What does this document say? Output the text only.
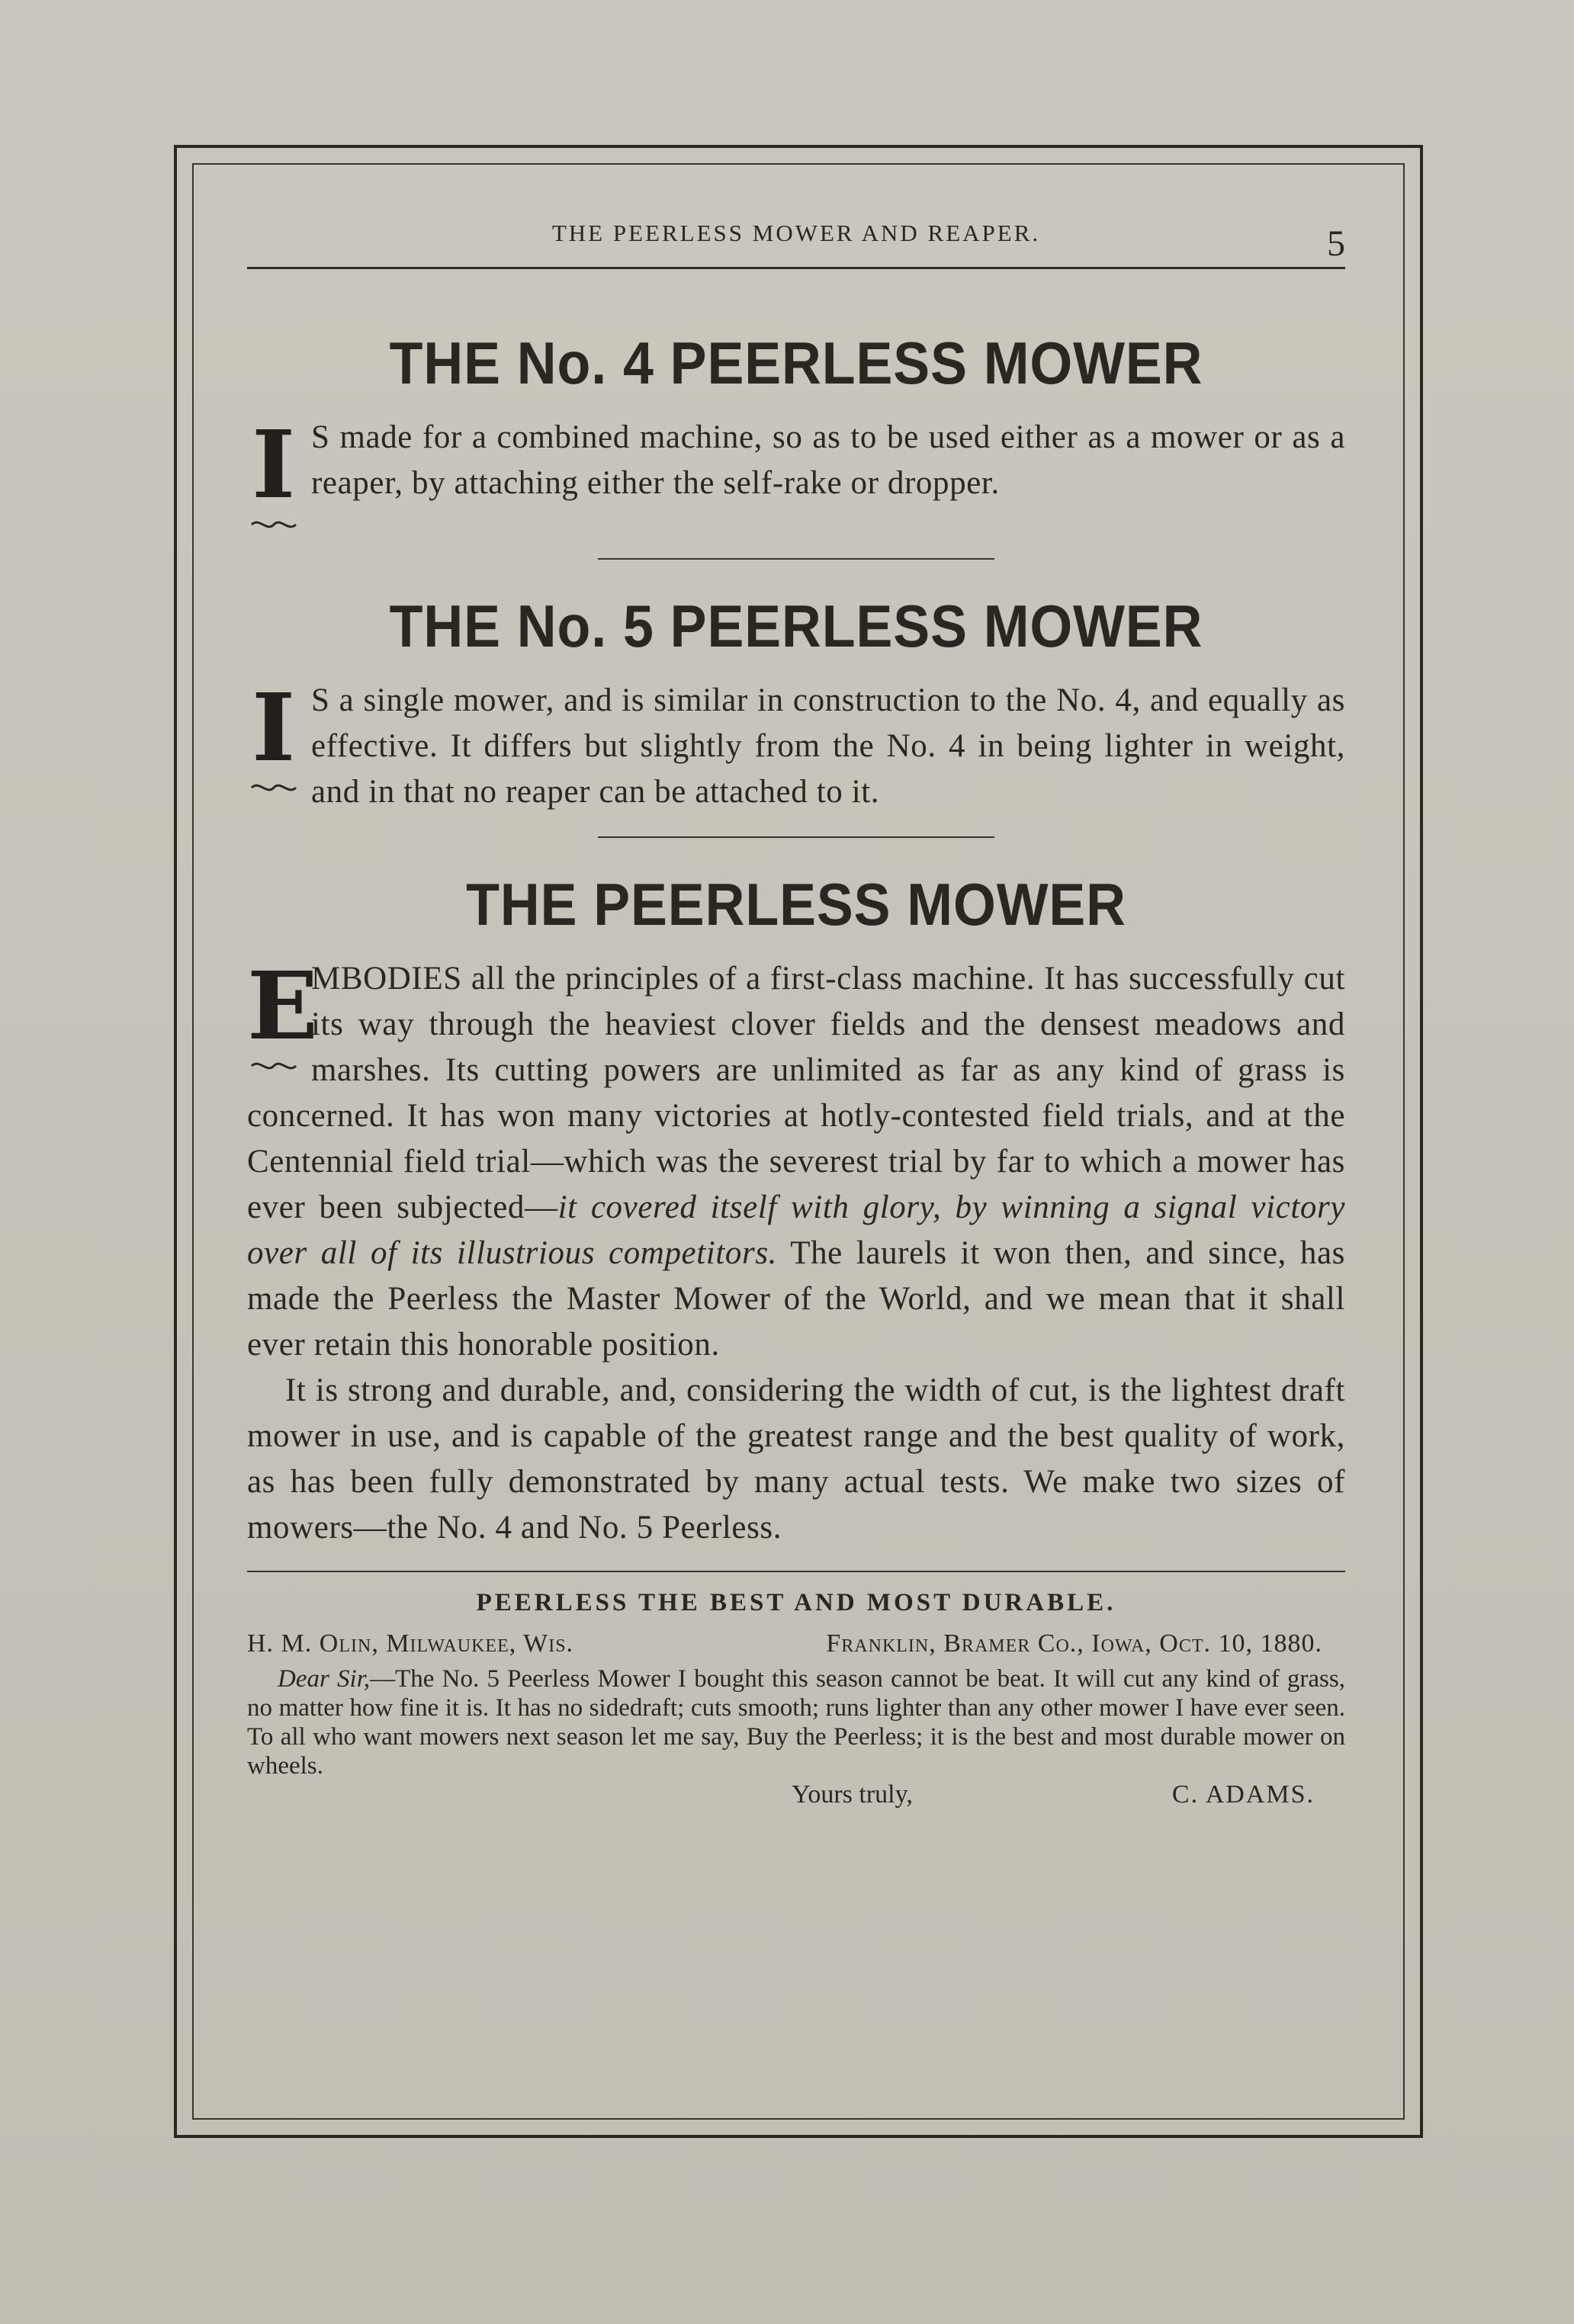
THE PEERLESS MOWER AND REAPER.	5
THE No. 4 PEERLESS MOWER
I S made for a combined machine, so as to be used either as a mower or as a reaper, by attaching either the self-rake or dropper.
THE No. 5 PEERLESS MOWER
I S a single mower, and is similar in construction to the No. 4, and equally as effective. It differs but slightly from the No. 4 in being lighter in weight, and in that no reaper can be attached to it.
THE PEERLESS MOWER
E
MBODIES all the principles of a first-class machine. It has successfully cut its way through the heaviest clover fields and the densest meadows and marshes. Its cutting powers are unlimited as far as any kind of grass is concerned. It has won many victories at hotly-contested field trials, and at the Centennial field trial—which was the severest trial by far to which a mower has ever been subjected—it covered itself with glory, by winning a signal victory over all of its illustrious competitors. The laurels it won then, and since, has made the Peerless the Master Mower of the World, and we mean that it shall ever retain this honorable position.
It is strong and durable, and, considering the width of cut, is the lightest draft mower in use, and is capable of the greatest range and the best quality of work, as has been fully demonstrated by many actual tests. We make two sizes of mowers—the No. 4 and No. 5 Peerless.

PEERLESS THE BEST AND MOST DURABLE.

H. M. Olin, Milwaukee, Wis.	Franklin, Bramer Co., Iowa, Oct. 10, 1880.
Dear Sir,—The No. 5 Peerless Mower I bought this season cannot be beat. It will cut any kind of grass, no matter how fine it is. It has no sidedraft; cuts smooth; runs lighter than any other mower I have ever seen. To all who want mowers next season let me say, Buy the Peerless; it is the best and most durable mower on wheels.
Yours truly,	C. ADAMS.
